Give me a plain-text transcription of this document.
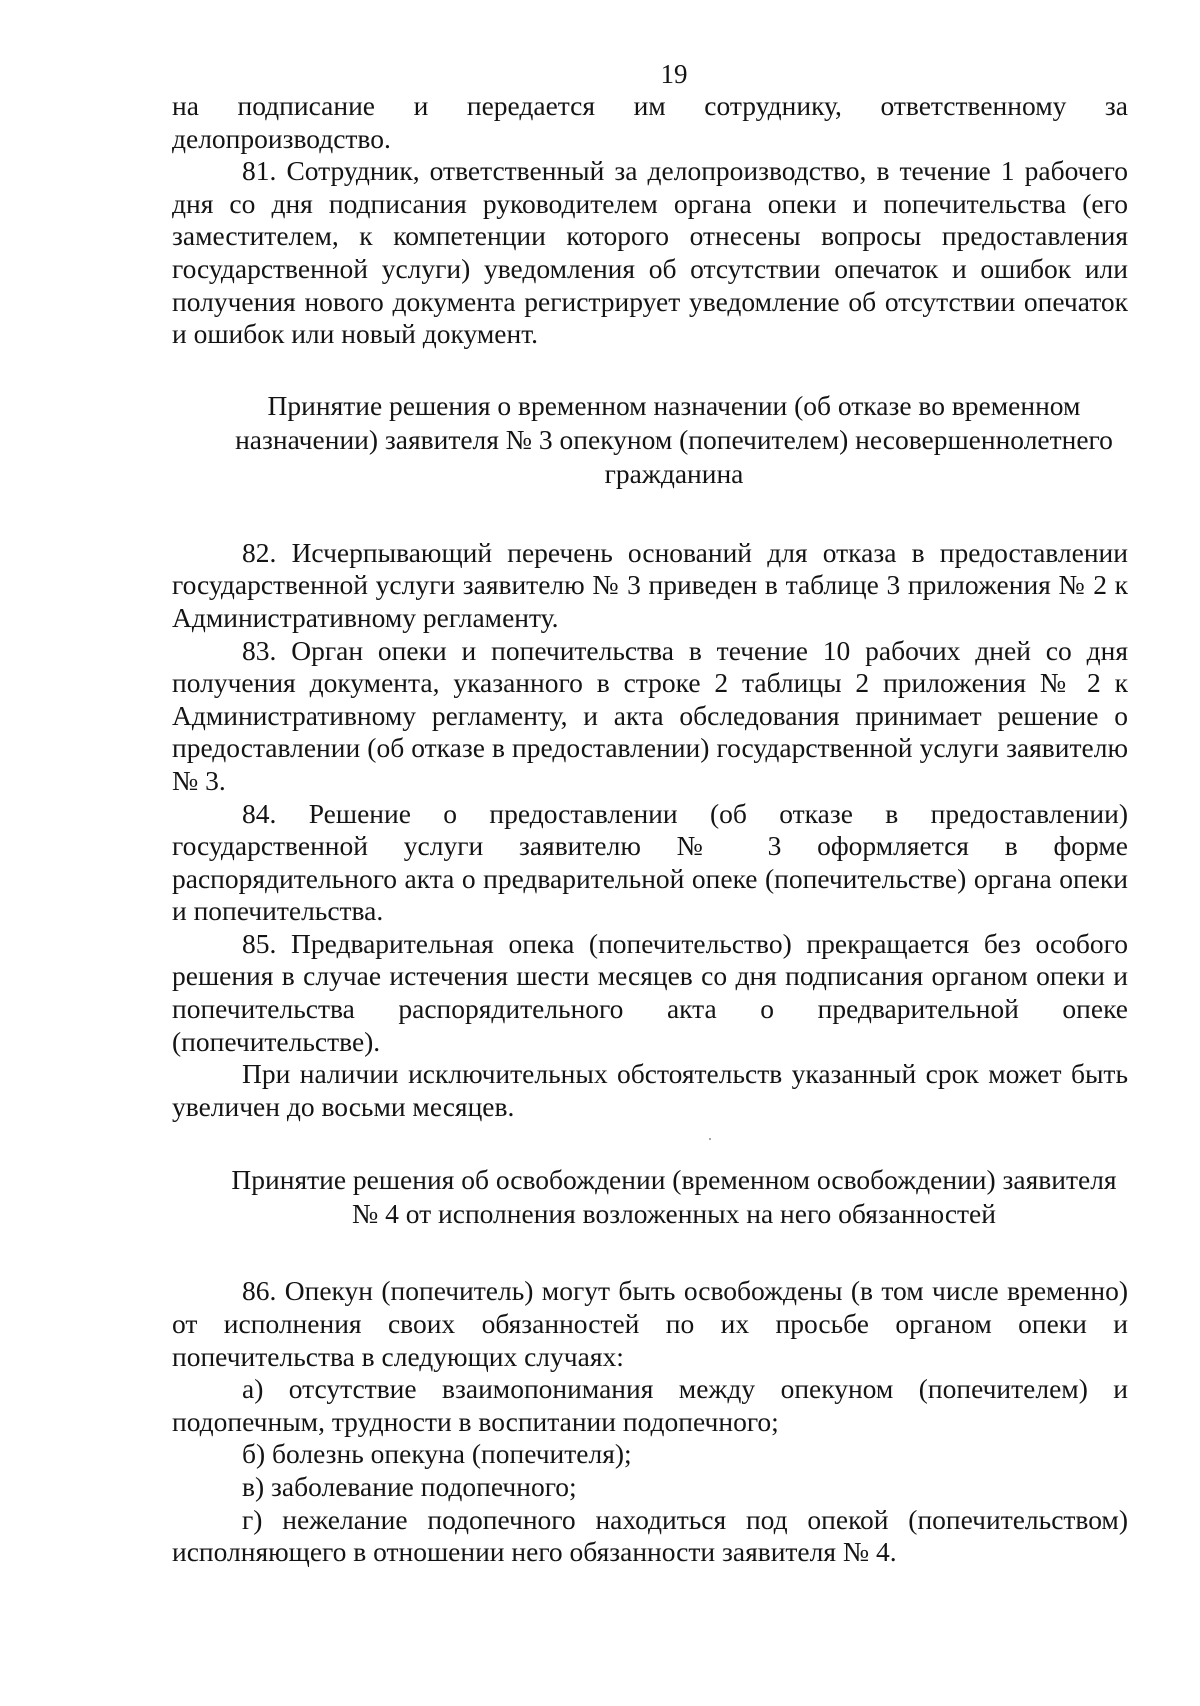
19

на подписание и передается им сотруднику, ответственному за делопроизводство.

81. Сотрудник, ответственный за делопроизводство, в течение 1 рабочего дня со дня подписания руководителем органа опеки и попечительства (его заместителем, к компетенции которого отнесены вопросы предоставления государственной услуги) уведомления об отсутствии опечаток и ошибок или получения нового документа регистрирует уведомление об отсутствии опечаток и ошибок или новый документ.

Принятие решения о временном назначении (об отказе во временном назначении) заявителя № 3 опекуном (попечителем) несовершеннолетнего гражданина

82. Исчерпывающий перечень оснований для отказа в предоставлении государственной услуги заявителю № 3 приведен в таблице 3 приложения № 2 к Административному регламенту.

83. Орган опеки и попечительства в течение 10 рабочих дней со дня получения документа, указанного в строке 2 таблицы 2 приложения № 2 к Административному регламенту, и акта обследования принимает решение о предоставлении (об отказе в предоставлении) государственной услуги заявителю № 3.

84. Решение о предоставлении (об отказе в предоставлении) государственной услуги заявителю № 3 оформляется в форме распорядительного акта о предварительной опеке (попечительстве) органа опеки и попечительства.

85. Предварительная опека (попечительство) прекращается без особого решения в случае истечения шести месяцев со дня подписания органом опеки и попечительства распорядительного акта о предварительной опеке (попечительстве).

При наличии исключительных обстоятельств указанный срок может быть увеличен до восьми месяцев.

Принятие решения об освобождении (временном освобождении) заявителя № 4 от исполнения возложенных на него обязанностей

86. Опекун (попечитель) могут быть освобождены (в том числе временно) от исполнения своих обязанностей по их просьбе органом опеки и попечительства в следующих случаях:

а) отсутствие взаимопонимания между опекуном (попечителем) и подопечным, трудности в воспитании подопечного;

б) болезнь опекуна (попечителя);

в) заболевание подопечного;

г) нежелание подопечного находиться под опекой (попечительством) исполняющего в отношении него обязанности заявителя № 4.
